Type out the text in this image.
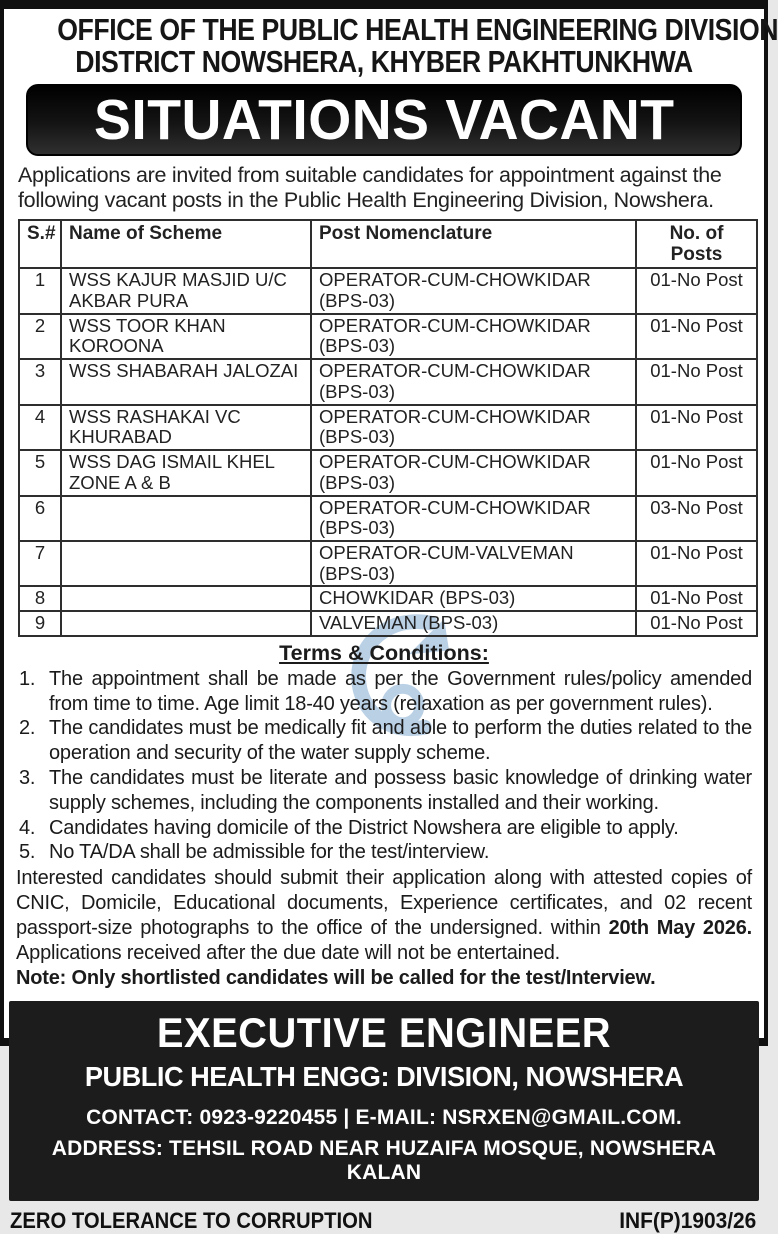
OFFICE OF THE PUBLIC HEALTH ENGINEERING DIVISION
DISTRICT NOWSHERA, KHYBER PAKHTUNKHWA
SITUATIONS VACANT

Applications are invited from suitable candidates for appointment against the following vacant posts in the Public Health Engineering Division, Nowshera.

S.#	Name of Scheme	Post Nomenclature	No. of Posts
1	WSS KAJUR MASJID U/C AKBAR PURA	OPERATOR-CUM-CHOWKIDAR (BPS-03)	01-No Post
2	WSS TOOR KHAN KOROONA	OPERATOR-CUM-CHOWKIDAR (BPS-03)	01-No Post
3	WSS SHABARAH JALOZAI	OPERATOR-CUM-CHOWKIDAR (BPS-03)	01-No Post
4	WSS RASHAKAI VC KHURABAD	OPERATOR-CUM-CHOWKIDAR (BPS-03)	01-No Post
5	WSS DAG ISMAIL KHEL ZONE A & B	OPERATOR-CUM-CHOWKIDAR (BPS-03)	01-No Post
6		OPERATOR-CUM-CHOWKIDAR (BPS-03)	03-No Post
7		OPERATOR-CUM-VALVEMAN (BPS-03)	01-No Post
8		CHOWKIDAR (BPS-03)	01-No Post
9		VALVEMAN (BPS-03)	01-No Post
Terms & Conditions:
1. The appointment shall be made as per the Government rules/policy amended from time to time. Age limit 18-40 years (relaxation as per government rules).
2. The candidates must be medically fit and able to perform the duties related to the operation and security of the water supply scheme.
3. The candidates must be literate and possess basic knowledge of drinking water supply schemes, including the components installed and their working.
4. Candidates having domicile of the District Nowshera are eligible to apply.
5. No TA/DA shall be admissible for the test/interview.

Interested candidates should submit their application along with attested copies of CNIC, Domicile, Educational documents, Experience certificates, and 02 recent passport-size photographs to the office of the undersigned. within 20th May 2026. Applications received after the due date will not be entertained.

Note: Only shortlisted candidates will be called for the test/Interview.
EXECUTIVE ENGINEER
PUBLIC HEALTH ENGG: DIVISION, NOWSHERA
CONTACT: 0923-9220455 | E-MAIL: NSRXEN@GMAIL.COM.
ADDRESS: TEHSIL ROAD NEAR HUZAIFA MOSQUE, NOWSHERA KALAN
ZERO TOLERANCE TO CORRUPTION	INF(P)1903/26
